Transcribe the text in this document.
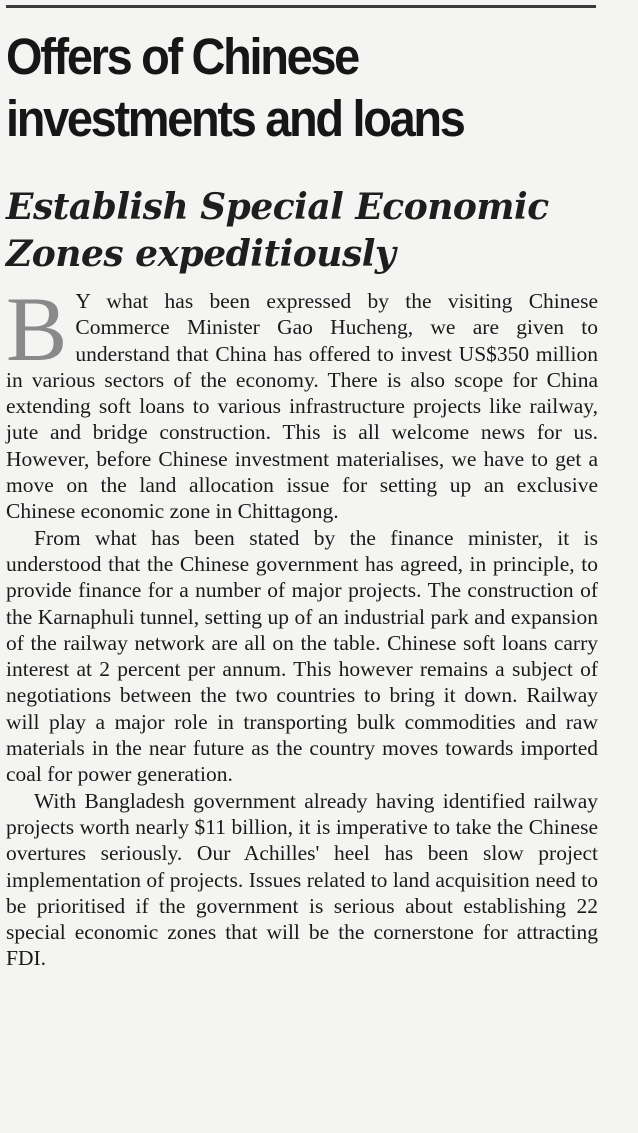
Offers of Chinese investments and loans
Establish Special Economic Zones expeditiously

B Y what has been expressed by the visiting Chinese Commerce Minister Gao Hucheng, we are given to understand that China has offered to invest US$350 million in various sectors of the economy. There is also scope for China extending soft loans to various infrastructure projects like railway, jute and bridge construction. This is all welcome news for us. However, before Chinese investment materialises, we have to get a move on the land allocation issue for setting up an exclusive Chinese economic zone in Chittagong.

From what has been stated by the finance minister, it is understood that the Chinese government has agreed, in principle, to provide finance for a number of major projects. The construction of the Karnaphuli tunnel, setting up of an industrial park and expansion of the railway network are all on the table. Chinese soft loans carry interest at 2 percent per annum. This however remains a subject of negotiations between the two countries to bring it down. Railway will play a major role in transporting bulk commodities and raw materials in the near future as the country moves towards imported coal for power generation.

With Bangladesh government already having identified railway projects worth nearly $11 billion, it is imperative to take the Chinese overtures seriously. Our Achilles' heel has been slow project implementation of projects. Issues related to land acquisition need to be prioritised if the government is serious about establishing 22 special economic zones that will be the cornerstone for attracting FDI.
